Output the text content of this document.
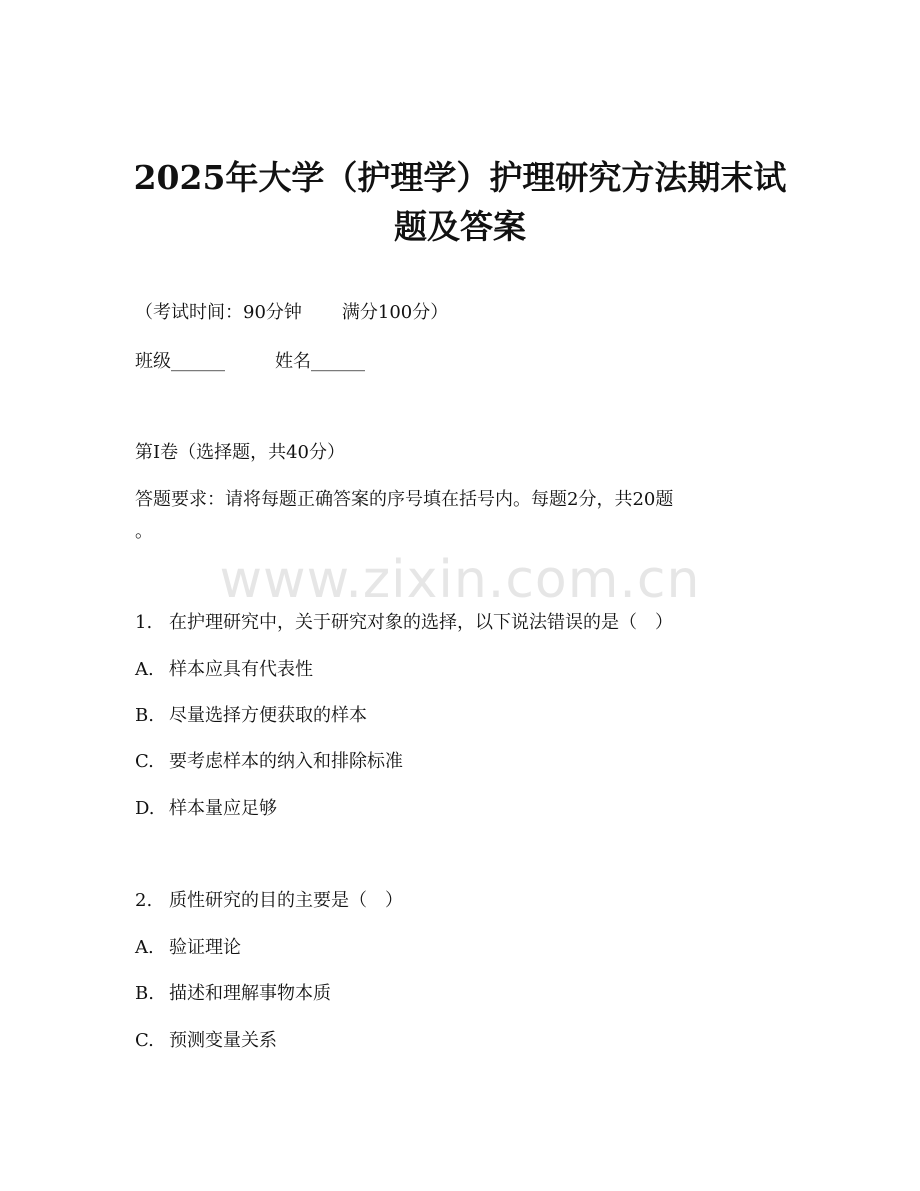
2025年大学（护理学）护理研究方法期末试
题及答案
（考试时间：90分钟 满分100分）
班级______	姓名______
第I卷（选择题，共40分）
答题要求：请将每题正确答案的序号填在括号内。每题2分，共20题
。
www.zixin.com.cn
1. 在护理研究中，关于研究对象的选择，以下说法错误的是（　）
A. 样本应具有代表性
B. 尽量选择方便获取的样本
C. 要考虑样本的纳入和排除标准
D. 样本量应足够
2. 质性研究的目的主要是（　）
A. 验证理论
B. 描述和理解事物本质
C. 预测变量关系
